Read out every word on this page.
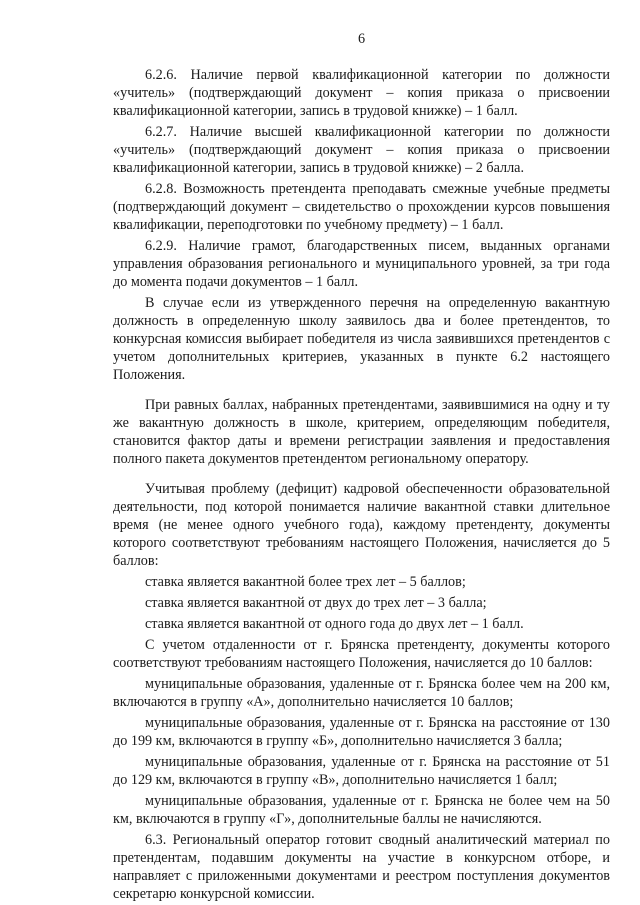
6

6.2.6. Наличие первой квалификационной категории по должности «учитель» (подтверждающий документ – копия приказа о присвоении квалификационной категории, запись в трудовой книжке) – 1 балл.

6.2.7. Наличие высшей квалификационной категории по должности «учитель» (подтверждающий документ – копия приказа о присвоении квалификационной категории, запись в трудовой книжке) – 2 балла.

6.2.8. Возможность претендента преподавать смежные учебные предметы (подтверждающий документ – свидетельство о прохождении курсов повышения квалификации, переподготовки по учебному предмету) – 1 балл.

6.2.9. Наличие грамот, благодарственных писем, выданных органами управления образования регионального и муниципального уровней, за три года до момента подачи документов – 1 балл.

В случае если из утвержденного перечня на определенную вакантную должность в определенную школу заявилось два и более претендентов, то конкурсная комиссия выбирает победителя из числа заявившихся претендентов с учетом дополнительных критериев, указанных в пункте 6.2 настоящего Положения.

При равных баллах, набранных претендентами, заявившимися на одну и ту же вакантную должность в школе, критерием, определяющим победителя, становится фактор даты и времени регистрации заявления и предоставления полного пакета документов претендентом региональному оператору.

Учитывая проблему (дефицит) кадровой обеспеченности образовательной деятельности, под которой понимается наличие вакантной ставки длительное время (не менее одного учебного года), каждому претенденту, документы которого соответствуют требованиям настоящего Положения, начисляется до 5 баллов:

ставка является вакантной более трех лет – 5 баллов;

ставка является вакантной от двух до трех лет – 3 балла;

ставка является вакантной от одного года до двух лет – 1 балл.

С учетом отдаленности от г. Брянска претенденту, документы которого соответствуют требованиям настоящего Положения, начисляется до 10 баллов:

муниципальные образования, удаленные от г. Брянска более чем на 200 км, включаются в группу «А», дополнительно начисляется 10 баллов;

муниципальные образования, удаленные от г. Брянска на расстояние от 130 до 199 км, включаются в группу «Б», дополнительно начисляется 3 балла;

муниципальные образования, удаленные от г. Брянска на расстояние от 51 до 129 км, включаются в группу «В», дополнительно начисляется 1 балл;

муниципальные образования, удаленные от г. Брянска не более чем на 50 км, включаются в группу «Г», дополнительные баллы не начисляются.

6.3. Региональный оператор готовит сводный аналитический материал по претендентам, подавшим документы на участие в конкурсном отборе, и направляет с приложенными документами и реестром поступления документов секретарю конкурсной комиссии.
